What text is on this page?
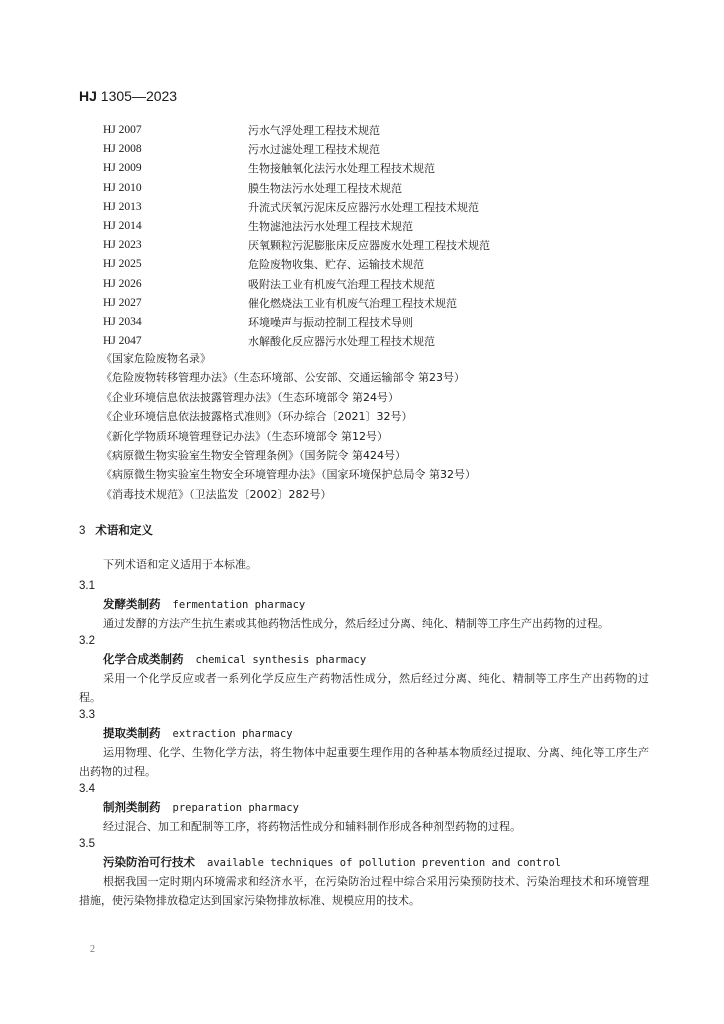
HJ 1305—2023
HJ 2007	污水气浮处理工程技术规范
HJ 2008	污水过滤处理工程技术规范
HJ 2009	生物接触氧化法污水处理工程技术规范
HJ 2010	膜生物法污水处理工程技术规范
HJ 2013	升流式厌氧污泥床反应器污水处理工程技术规范
HJ 2014	生物滤池法污水处理工程技术规范
HJ 2023	厌氧颗粒污泥膨胀床反应器废水处理工程技术规范
HJ 2025	危险废物收集、贮存、运输技术规范
HJ 2026	吸附法工业有机废气治理工程技术规范
HJ 2027	催化燃烧法工业有机废气治理工程技术规范
HJ 2034	环境噪声与振动控制工程技术导则
HJ 2047	水解酸化反应器污水处理工程技术规范
《国家危险废物名录》
《危险废物转移管理办法》（生态环境部、公安部、交通运输部令 第23号）
《企业环境信息依法披露管理办法》（生态环境部令 第24号）
《企业环境信息依法披露格式准则》（环办综合〔2021〕32号）
《新化学物质环境管理登记办法》（生态环境部令 第12号）
《病原微生物实验室生物安全管理条例》（国务院令 第424号）
《病原微生物实验室生物安全环境管理办法》（国家环境保护总局令 第32号）
《消毒技术规范》（卫法监发〔2002〕282号）
3 术语和定义
下列术语和定义适用于本标准。
3.1
发酵类制药 fermentation pharmacy
通过发酵的方法产生抗生素或其他药物活性成分，然后经过分离、纯化、精制等工序生产出药物的过程。
3.2
化学合成类制药 chemical synthesis pharmacy
采用一个化学反应或者一系列化学反应生产药物活性成分，然后经过分离、纯化、精制等工序生产出药物的过程。
3.3
提取类制药 extraction pharmacy
运用物理、化学、生物化学方法，将生物体中起重要生理作用的各种基本物质经过提取、分离、纯化等工序生产出药物的过程。
3.4
制剂类制药 preparation pharmacy
经过混合、加工和配制等工序，将药物活性成分和辅料制作形成各种剂型药物的过程。
3.5
污染防治可行技术 available techniques of pollution prevention and control
根据我国一定时期内环境需求和经济水平，在污染防治过程中综合采用污染预防技术、污染治理技术和环境管理措施，使污染物排放稳定达到国家污染物排放标准、规模应用的技术。
2
